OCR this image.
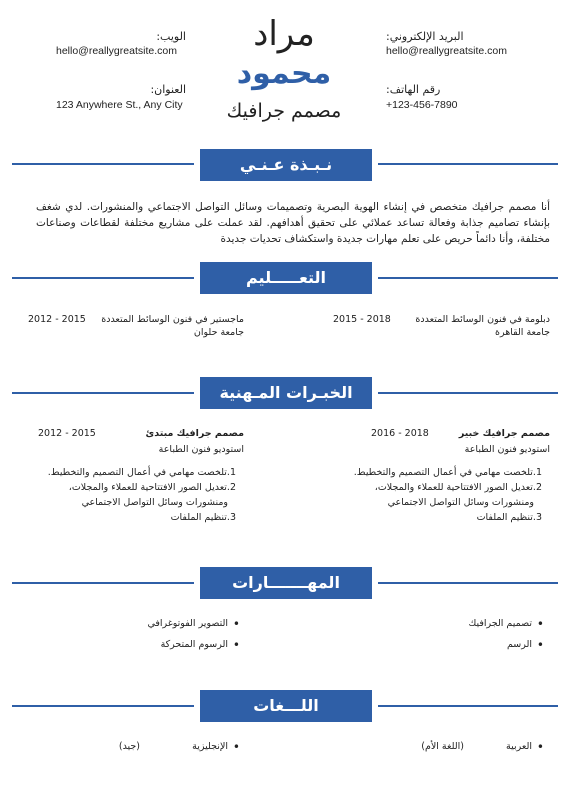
البريد الإلكتروني:
hello@reallygreatsite.com
رقم الهاتف:
+123-456-7890
الويب:
hello@reallygreatsite.com
العنوان:
123 Anywhere St., Any City
مراد
محمود
مصمم جرافيك
نـبـذة عـنـي
أنا مصمم جرافيك متخصص في إنشاء الهوية البصرية وتصميمات وسائل التواصل الاجتماعي والمنشورات. لدي شغف بإنشاء تصاميم جذابة وفعالة تساعد عملائي على تحقيق أهدافهم. لقد عملت على مشاريع مختلفة لقطاعات وصناعات مختلفة، وأنا دائماً حريص على تعلم مهارات جديدة واستكشاف تحديات جديدة
التعـــــليم
دبلومة في فنون الوسائط المتعددة
2015 - 2018
جامعة القاهرة
ماجستير في فنون الوسائط المتعددة
2012 - 2015
جامعة حلوان
الخبـرات المـهنية
مصمم جرافيك خبير
2016 - 2018
استوديو فنون الطباعة
1.تلخصت مهامي في أعمال التصميم والتخطيط.
2.تعديل الصور الافتتاحية للعملاء والمجلات،
ومنشورات وسائل التواصل الاجتماعي
3.تنظيم الملفات
مصمم جرافيك مبتدئ
2012 - 2015
استوديو فنون الطباعة
1.تلخصت مهامي في أعمال التصميم والتخطيط.
2.تعديل الصور الافتتاحية للعملاء والمجلات،
ومنشورات وسائل التواصل الاجتماعي
3.تنظيم الملفات
المهـــــــارات
تصميم الجرافيك •
الرسم •
التصوير الفوتوغرافي •
الرسوم المتحركة •
اللـــغات
العربية •
(اللغة الأم)
الإنجليزية •
(جيد)
